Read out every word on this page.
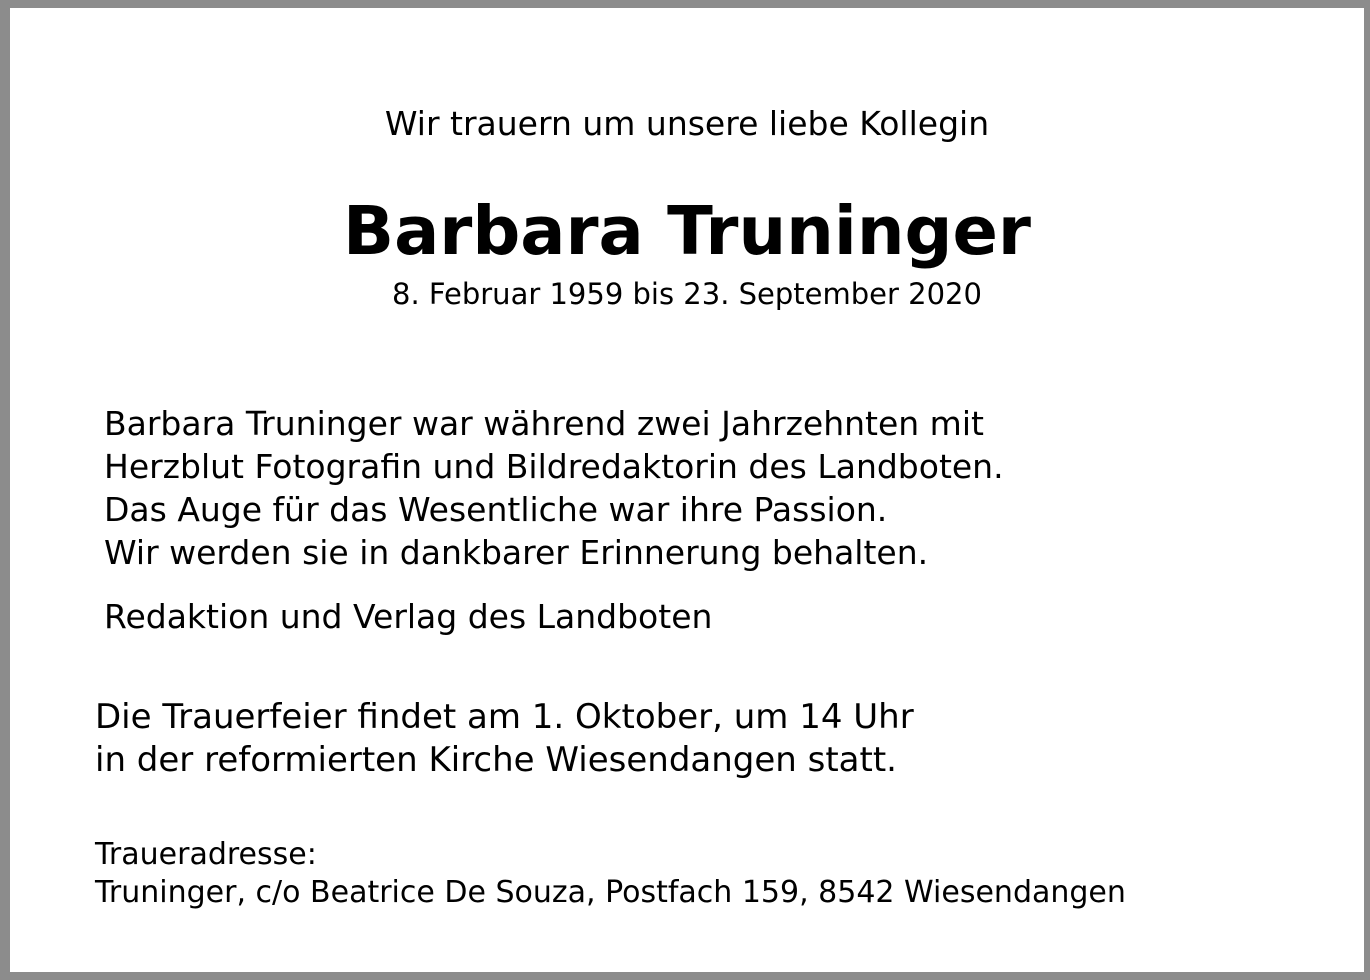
Wir trauern um unsere liebe Kollegin
Barbara Truninger
8. Februar 1959 bis 23. September 2020
Barbara Truninger war während zwei Jahrzehnten mit
Herzblut Fotografin und Bildredaktorin des Landboten.
Das Auge für das Wesentliche war ihre Passion.
Wir werden sie in dankbarer Erinnerung behalten.
Redaktion und Verlag des Landboten
Die Trauerfeier findet am 1. Oktober, um 14 Uhr
in der reformierten Kirche Wiesendangen statt.
Traueradresse:
Truninger, c/o Beatrice De Souza, Postfach 159, 8542 Wiesendangen
